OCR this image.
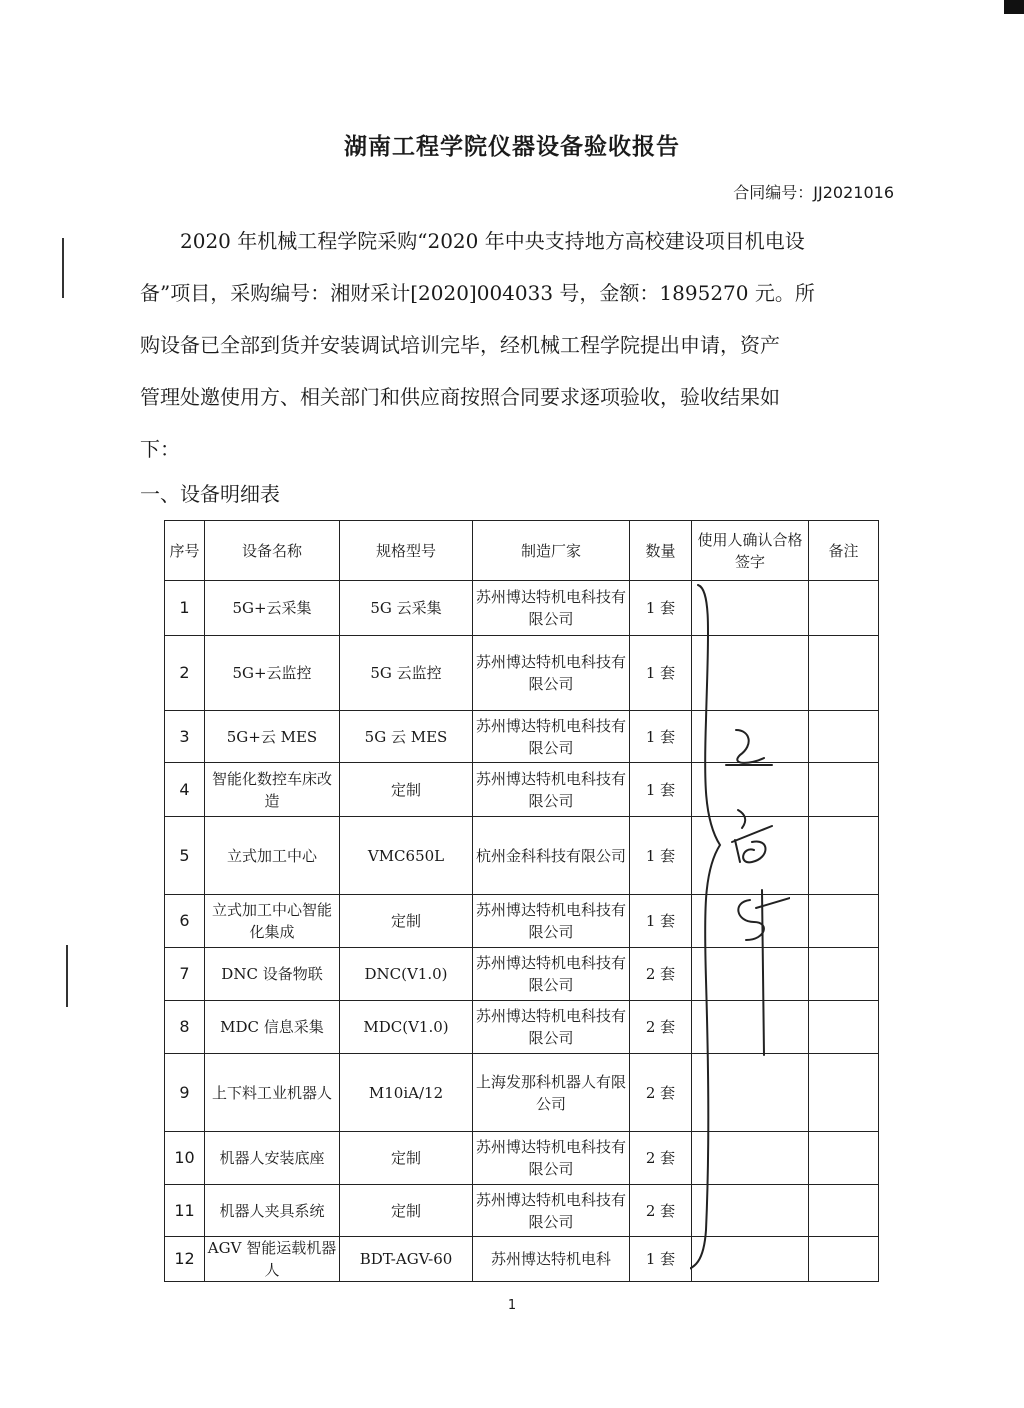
湖南工程学院仪器设备验收报告
合同编号：JJ2021016
2020 年机械工程学院采购“2020 年中央支持地方高校建设项目机电设
备”项目，采购编号：湘财采计[2020]004033 号，金额：1895270 元。所
购设备已全部到货并安装调试培训完毕，经机械工程学院提出申请，资产
管理处邀使用方、相关部门和供应商按照合同要求逐项验收，验收结果如
下：
一、设备明细表
序号	设备名称	规格型号	制造厂家	数量	使用人确认合格签字	备注
1	5G+云采集	5G 云采集	苏州博达特机电科技有限公司	1 套		
2	5G+云监控	5G 云监控	苏州博达特机电科技有限公司	1 套		
3	5G+云 MES	5G 云 MES	苏州博达特机电科技有限公司	1 套		
4	智能化数控车床改造	定制	苏州博达特机电科技有限公司	1 套		
5	立式加工中心	VMC650L	杭州金科科技有限公司	1 套		
6	立式加工中心智能化集成	定制	苏州博达特机电科技有限公司	1 套		
7	DNC 设备物联	DNC(V1.0)	苏州博达特机电科技有限公司	2 套		
8	MDC 信息采集	MDC(V1.0)	苏州博达特机电科技有限公司	2 套		
9	上下料工业机器人	M10iA/12	上海发那科机器人有限公司	2 套		
10	机器人安装底座	定制	苏州博达特机电科技有限公司	2 套		
11	机器人夹具系统	定制	苏州博达特机电科技有限公司	2 套		
12	AGV 智能运载机器人	BDT-AGV-60	苏州博达特机电科	1 套		
1
